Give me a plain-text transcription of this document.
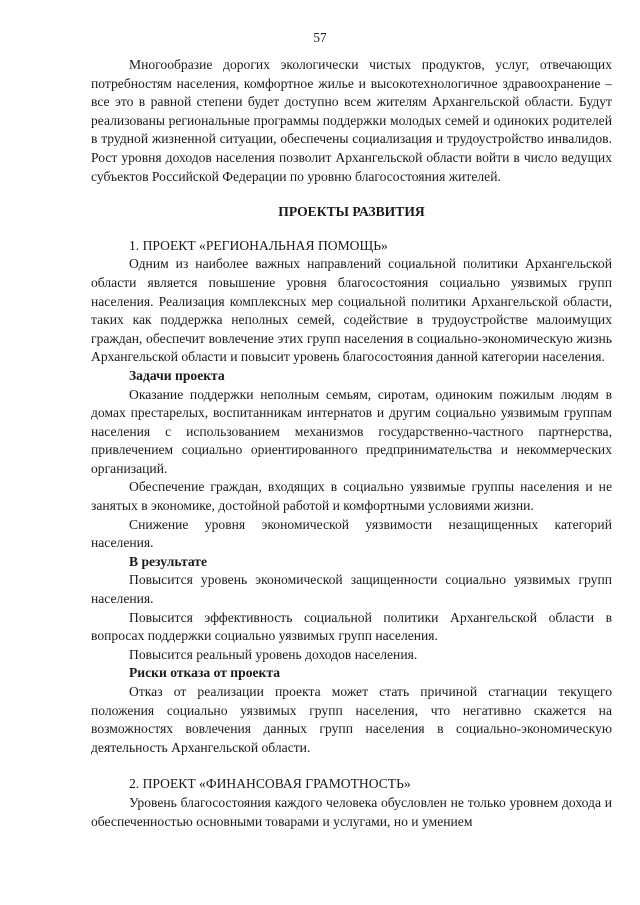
57

Многообразие дорогих экологически чистых продуктов, услуг, отвечающих потребностям населения, комфортное жилье и высокотехнологичное здравоохранение – все это в равной степени будет доступно всем жителям Архангельской области. Будут реализованы региональные программы поддержки молодых семей и одиноких родителей в трудной жизненной ситуации, обеспечены социализация и трудоустройство инвалидов. Рост уровня доходов населения позволит Архангельской области войти в число ведущих субъектов Российской Федерации по уровню благосостояния жителей.

ПРОЕКТЫ РАЗВИТИЯ

1. ПРОЕКТ «РЕГИОНАЛЬНАЯ ПОМОЩЬ»

Одним из наиболее важных направлений социальной политики Архангельской области является повышение уровня благосостояния социально уязвимых групп населения. Реализация комплексных мер социальной политики Архангельской области, таких как поддержка неполных семей, содействие в трудоустройстве малоимущих граждан, обеспечит вовлечение этих групп населения в социально-экономическую жизнь Архангельской области и повысит уровень благосостояния данной категории населения.

Задачи проекта

Оказание поддержки неполным семьям, сиротам, одиноким пожилым людям в домах престарелых, воспитанникам интернатов и другим социально уязвимым группам населения с использованием механизмов государственно-частного партнерства, привлечением социально ориентированного предпринимательства и некоммерческих организаций.

Обеспечение граждан, входящих в социально уязвимые группы населения и не занятых в экономике, достойной работой и комфортными условиями жизни.

Снижение уровня экономической уязвимости незащищенных категорий населения.

В результате

Повысится уровень экономической защищенности социально уязвимых групп населения.

Повысится эффективность социальной политики Архангельской области в вопросах поддержки социально уязвимых групп населения.

Повысится реальный уровень доходов населения.

Риски отказа от проекта

Отказ от реализации проекта может стать причиной стагнации текущего положения социально уязвимых групп населения, что негативно скажется на возможностях вовлечения данных групп населения в социально-экономическую деятельность Архангельской области.

2. ПРОЕКТ «ФИНАНСОВАЯ ГРАМОТНОСТЬ»

Уровень благосостояния каждого человека обусловлен не только уровнем дохода и обеспеченностью основными товарами и услугами, но и умением
